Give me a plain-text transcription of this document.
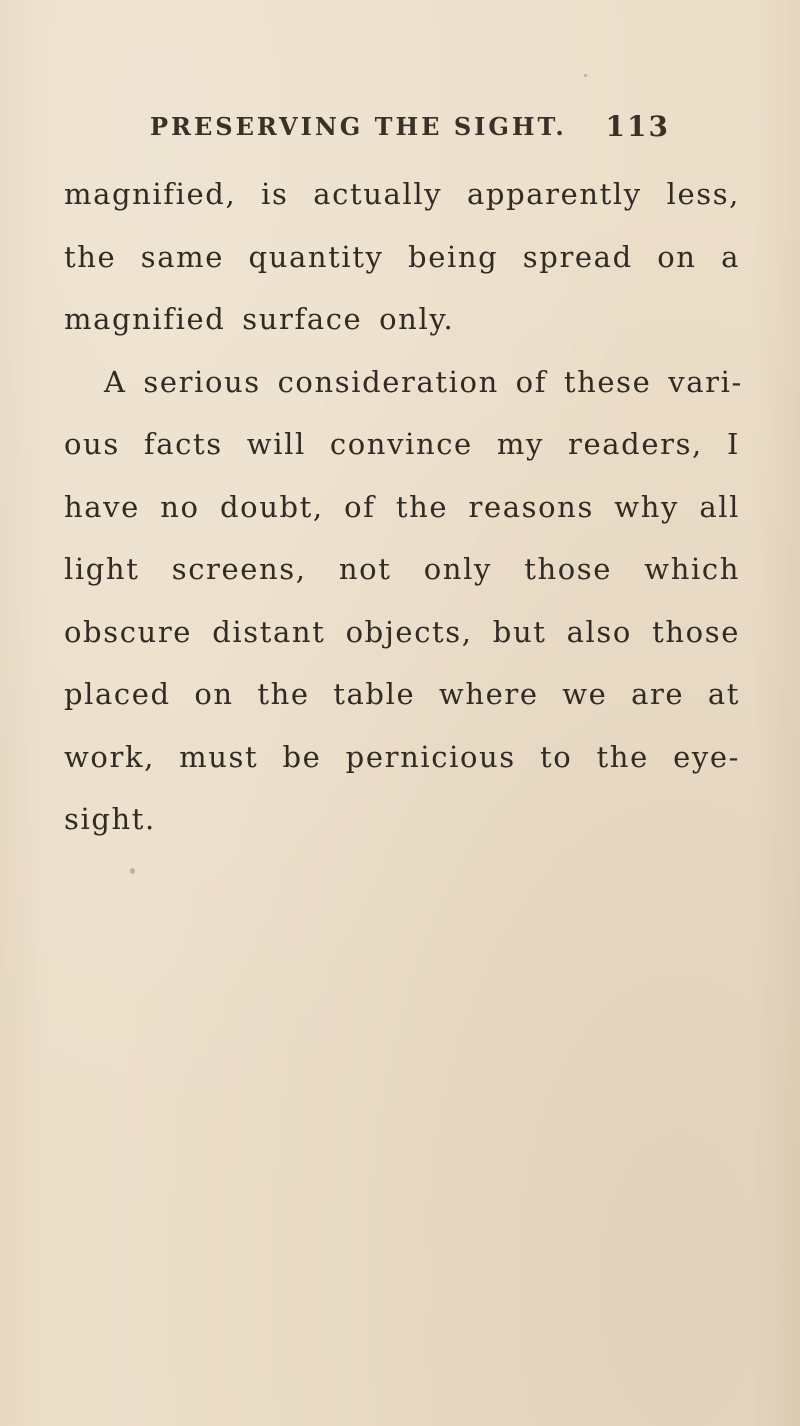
PRESERVING THE SIGHT. 113
magnified, is actually apparently less,
the same quantity being spread on a
magnified surface only.
A serious consideration of these vari-
ous facts will convince my readers, I
have no doubt, of the reasons why all
light screens, not only those which
obscure distant objects, but also those
placed on the table where we are at
work, must be pernicious to the eye-
sight.
